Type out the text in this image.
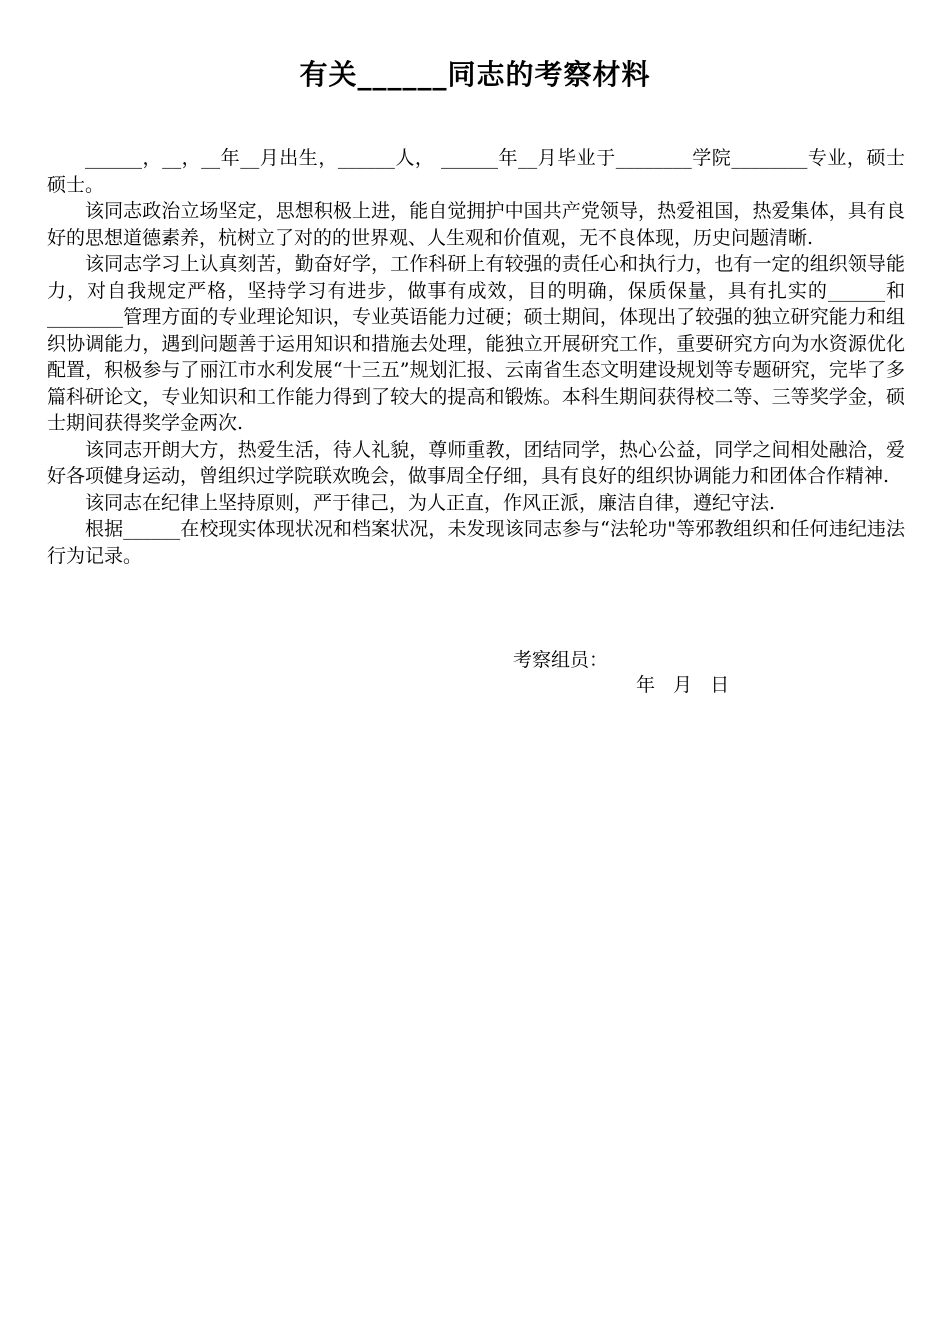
有关______同志的考察材料

______，__，__年__月出生，______人， ______年__月毕业于________学院________专业，硕士硕士。

该同志政治立场坚定，思想积极上进，能自觉拥护中国共产党领导，热爱祖国，热爱集体，具有良好的思想道德素养，杭树立了对的的世界观、人生观和价值观，无不良体现，历史问题清晰.

该同志学习上认真刻苦，勤奋好学，工作科研上有较强的责任心和执行力，也有一定的组织领导能力，对自我规定严格，坚持学习有进步，做事有成效，目的明确，保质保量，具有扎实的______和________管理方面的专业理论知识，专业英语能力过硬；硕士期间，体现出了较强的独立研究能力和组织协调能力，遇到问题善于运用知识和措施去处理，能独立开展研究工作，重要研究方向为水资源优化配置，积极参与了丽江市水利发展“十三五”规划汇报、云南省生态文明建设规划等专题研究，完毕了多篇科研论文，专业知识和工作能力得到了较大的提高和锻炼。本科生期间获得校二等、三等奖学金，硕士期间获得奖学金两次.

该同志开朗大方，热爱生活，待人礼貌，尊师重教，团结同学，热心公益，同学之间相处融洽，爱好各项健身运动，曾组织过学院联欢晚会，做事周全仔细，具有良好的组织协调能力和团体合作精神.

该同志在纪律上坚持原则，严于律己，为人正直，作风正派，廉洁自律，遵纪守法.

根据______在校现实体现状况和档案状况，未发现该同志参与“法轮功"等邪教组织和任何违纪违法行为记录。

考察组员：
年   月   日
